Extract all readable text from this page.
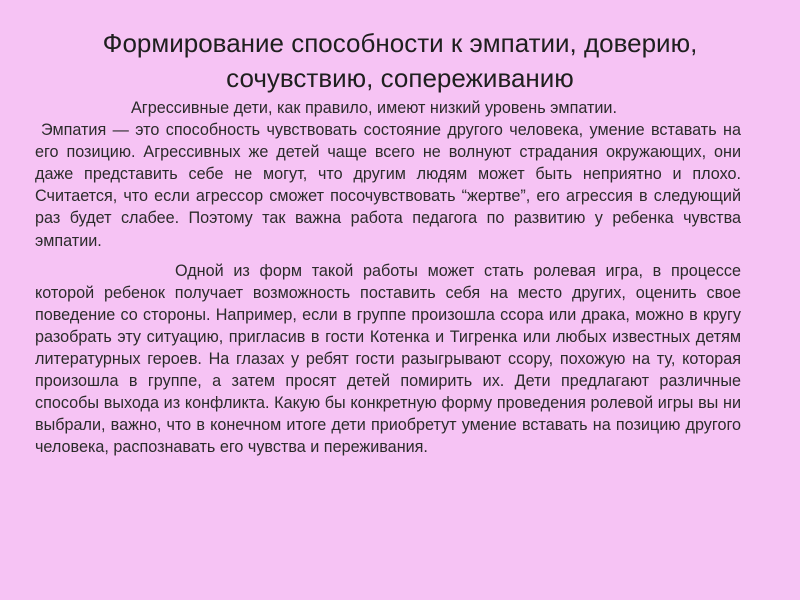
Формирование способности к эмпатии, доверию,
сочувствию, сопереживанию

Агрессивные дети, как правило, имеют низкий уровень эмпатии.

Эмпатия — это способность чувствовать состояние другого человека, умение вставать на его позицию. Агрессивных же детей чаще всего не волнуют страдания окружающих, они даже представить себе не могут, что другим людям может быть неприятно и плохо. Считается, что если агрессор сможет посочувствовать “жертве”, его агрессия в следующий раз будет слабее. Поэтому так важна работа педагога по развитию у ребенка чувства эмпатии.

Одной из форм такой работы может стать ролевая игра, в процессе которой ребенок получает возможность поставить себя на место других, оценить свое поведение со стороны. Например, если в группе произошла ссора или драка, можно в кругу разобрать эту ситуацию, пригласив в гости Котенка и Тигренка или любых известных детям литературных героев. На глазах у ребят гости разыгрывают ссору, похожую на ту, которая произошла в группе, а затем просят детей помирить их. Дети предлагают различные способы выхода из конфликта. Какую бы конкретную форму проведения ролевой игры вы ни выбрали, важно, что в конечном итоге дети приобретут умение вставать на позицию другого человека, распознавать его чувства и переживания.
